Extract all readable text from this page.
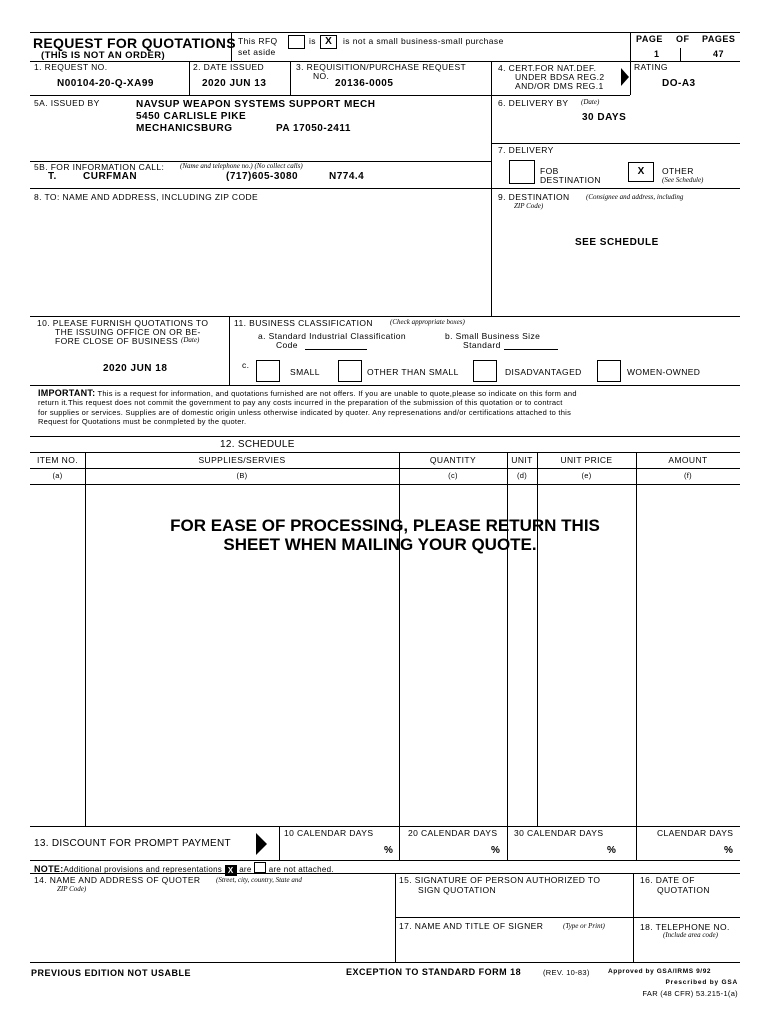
REQUEST FOR QUOTATIONS
(THIS IS NOT AN ORDER)
This RFQ
set aside
is X	is not a small business-small purchase	PAGE OF PAGES
1	47
1. REQUEST NO.
N00104-20-Q-XA99
2. DATE ISSUED
2020 JUN 13
3. REQUISITION/PURCHASE REQUEST
NO.
20136-0005
4. CERT.FOR NAT.DEF.
UNDER BDSA REG.2
AND/OR DMS REG.1
RATING
DO-A3
5A. ISSUED BY	NAVSUP WEAPON SYSTEMS SUPPORT MECH
5450 CARLISLE PIKE
MECHANICSBURG	PA 17050-2411
6. DELIVERY BY (Date)
30 DAYS
7. DELIVERY
FOB
DESTINATION
X	OTHER
(See Schedule)
5B. FOR INFORMATION CALL: (Name and telephone no.) (No collect calls)
T.	CURFMAN	(717)605-3080	N774.4
8. TO: NAME AND ADDRESS, INCLUDING ZIP CODE	9. DESTINATION (Consignee and address, including
ZIP Code)
SEE SCHEDULE
10. PLEASE FURNISH QUOTATIONS TO
THE ISSUING OFFICE ON OR BE-
FORE CLOSE OF BUSINESS (Date)
2020 JUN 18
11. BUSINESS CLASSIFICATION (Check appropriate boxes)
a. Standard Industrial Classification
Code
b. Small Business Size
Standard
c.
SMALL	OTHER THAN SMALL	DISADVANTAGED	WOMEN-OWNED
IMPORTANT: This is a request for information, and quotations furnished are not offers. If you are unable to quote,please so indicate on this form and
return it.This request does not commit the government to pay any costs incurred in the preparation of the submission of this quotation or to contract
for supplies or services. Supplies are of domestic origin unless otherwise indicated by quoter. Any represenations and/or certifications attached to this
Request for Quotations must be conmpleted by the quoter.
12. SCHEDULE
ITEM NO.
(a)
SUPPLIES/SERVIES
(B)
QUANTITY
(c)
UNIT
(d)
UNIT PRICE
(e)
AMOUNT
(f)
FOR EASE OF PROCESSING, PLEASE RETURN THIS
SHEET WHEN MAILING YOUR QUOTE.
13. DISCOUNT FOR PROMPT PAYMENT
10 CALENDAR DAYS
%
20 CALENDAR DAYS
%
30 CALENDAR DAYS
%
CLAENDAR DAYS
%
NOTE:Additional provisions and representations X are are not attached.
14. NAME AND ADDRESS OF QUOTER (Street, city, country, State and
ZIP Code)
15. SIGNATURE OF PERSON AUTHORIZED TO
SIGN QUOTATION
16. DATE OF
QUOTATION
17. NAME AND TITLE OF SIGNER	(Type or Print)	18. TELEPHONE NO.
(Include area code)
PREVIOUS EDITION NOT USABLE	EXCEPTION TO STANDARD FORM 18	(REV. 10-83)	Approved by GSA/IRMS 9/92
Prescribed by GSA
FAR (48 CFR) 53.215-1(a)
